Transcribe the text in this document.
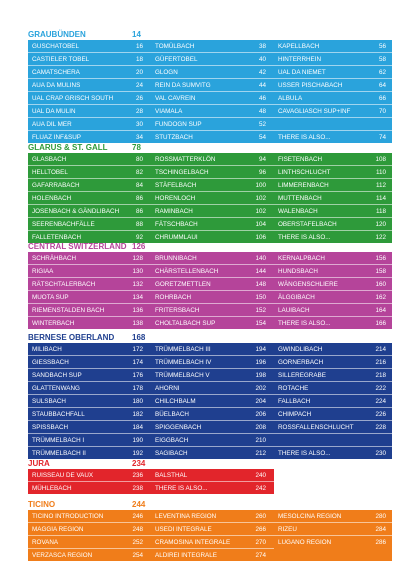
GRAUBÜNDEN	14
GUSCHATOBEL	16
CASTIELER TOBEL	18
CAMATSCHERA	20
AUA DA MULINS	24
UAL CRAP GRISCH SOUTH	26
UAL DA MULIN	28
AUA DIL MER	30
FLUAZ INF&SUP	34
TOMÜLBACH	38
GÜFERTOBEL	40
GLOGN	42
REIN DA SUMVITG	44
VAL CAVREIN	46
VIAMALA	48
FUNDOGN SUP	52
STUTZBACH	54
KAPELLBACH	56
HINTERRHEIN	58
UAL DA NIEMET	62
USSER PISCHABACH	64
ALBULA	66
CAVAGLIASCH SUP+INF	70
THERE IS ALSO...	74
GLARUS & ST. GALL	78
GLASBACH	80
HELLTOBEL	82
GAFARRABACH	84
HOLENBACH	86
JOSENBACH & GÄNDLIBACH	86
SEERENBACHFÄLLE	88
FALLETENBACH	92
ROSSMATTERKLÖN	94
TSCHINGELBACH	96
STÄFELBACH	100
HORENLOCH	102
RAMINBACH	102
FÄTSCHBACH	104
CHRUMMLAUI	106
FISETENBACH	108
LINTHSCHLUCHT	110
LIMMERENBACH	112
MUTTENBACH	114
WALENBACH	118
OBERSTAFELBACH	120
THERE IS ALSO...	122
CENTRAL SWITZERLAND 126
SCHRÄHBACH	128
RIGIAA	130
RÄTSCHTALERBACH	132
MUOTA SUP	134
RIEMENSTALDEN BACH	136
WINTERBACH	138
BRUNNIBACH	140
CHÄRSTELLENBACH	144
GORETZMETTLEN	148
ROHRBACH	150
FRITERSBACH	152
CHOLTALBACH SUP	154
KERNALPBACH	156
HUNDSBACH	158
WÄNGENSCHLIERE	160
ÄLGGIBACH	162
LAUIBACH	164
THERE IS ALSO...	166
BERNESE OBERLAND	168
MILIBACH	172
GIESSBACH	174
SANDBACH SUP	176
GLATTENWANG	178
SULSBACH	180
STAUBBACHFALL	182
SPISSBACH	184
TRÜMMELBACH I	190
TRÜMMELBACH II	192
TRÜMMELBACH III	194
TRÜMMELBACH IV	196
TRÜMMELBACH V	198
AHORNI	202
CHILCHBALM	204
BÜELBACH	206
SPIGGENBACH	208
EIGGBACH	210
SAGIBACH	212
GWINDLIBACH	214
GORNERBACH	216
SILLEREGRABE	218
ROTACHE	222
FALLBACH	224
CHIMPACH	226
ROSSFALLENSCHLUCHT	228
THERE IS ALSO...	230
JURA	234
RUISSEAU DE VAUX	236
MÜHLEBACH	238
BALSTHAL	240
THERE IS ALSO...	242
TICINO	244
TICINO INTRODUCTION	246
MAGGIA REGION	248
ROVANA	252
VERZASCA REGION	254
LEVENTINA REGION	260
USEDI INTEGRALE	266
CRAMOSINA INTEGRALE	270
ALDIREI INTEGRALE	274
MESOLCINA REGION	280
RIZEU	284
LUGANO REGION	286
